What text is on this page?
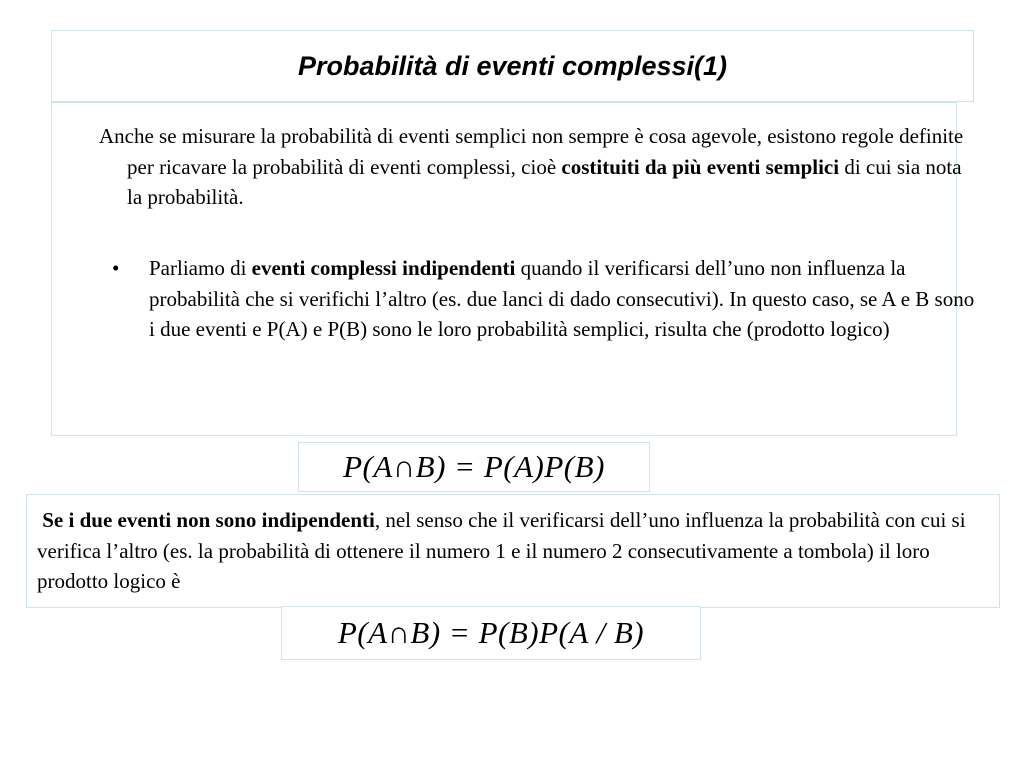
Probabilità di eventi complessi(1)

Anche se misurare la probabilità di eventi semplici non sempre è cosa agevole, esistono regole definite per ricavare la probabilità di eventi complessi, cioè costituiti da più eventi semplici di cui sia nota la probabilità.

• Parliamo di eventi complessi indipendenti quando il verificarsi dell’uno non influenza la probabilità che si verifichi l’altro (es. due lanci di dado consecutivi). In questo caso, se A e B sono i due eventi e P(A) e P(B) sono le loro probabilità semplici, risulta che (prodotto logico)
P(A∩B) = P(A)P(B)

Se i due eventi non sono indipendenti, nel senso che il verificarsi dell’uno influenza la probabilità con cui si verifica l’altro (es. la probabilità di ottenere il numero 1 e il numero 2 consecutivamente a tombola) il loro prodotto logico è

P(A∩B) = P(B)P(A / B)
